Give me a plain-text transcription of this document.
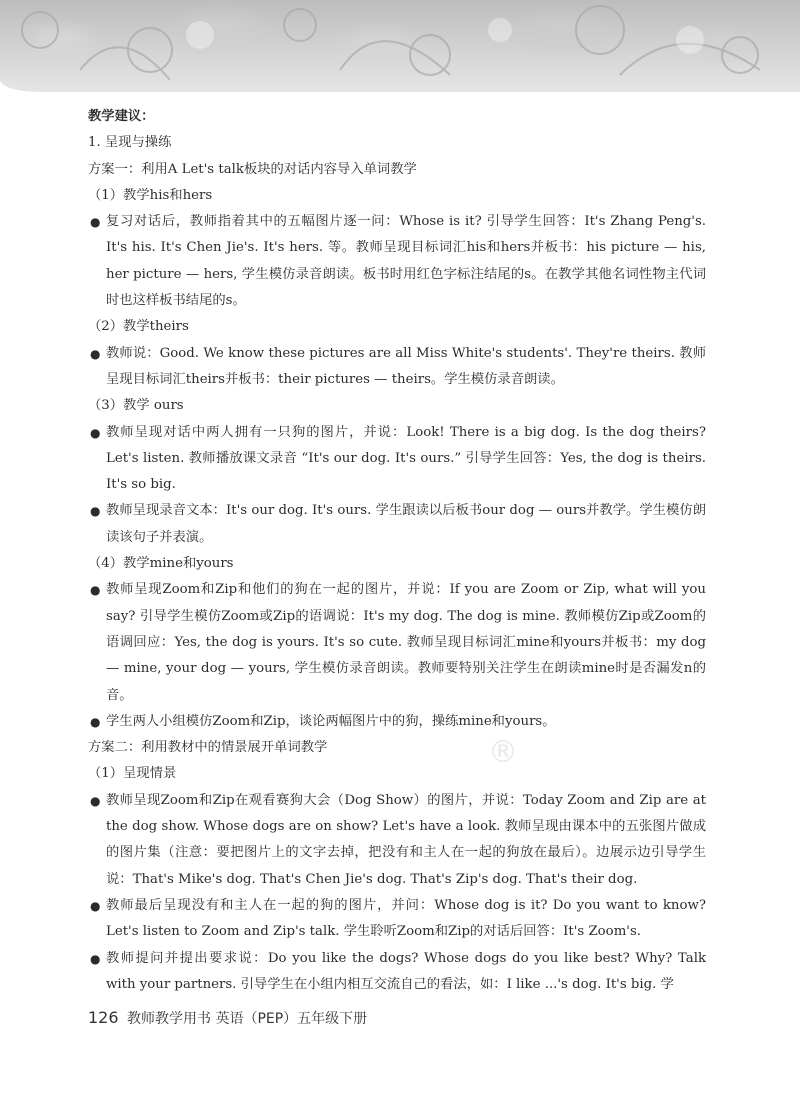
®
教学建议：
1. 呈现与操练
方案一：利用A Let's talk板块的对话内容导入单词教学
（1）教学his和hers
● 复习对话后，教师指着其中的五幅图片逐一问：Whose is it? 引导学生回答：It's Zhang Peng's. It's his. It's Chen Jie's. It's hers. 等。教师呈现目标词汇his和hers并板书：his picture — his, her picture — hers, 学生模仿录音朗读。板书时用红色字标注结尾的s。在教学其他名词性物主代词时也这样板书结尾的s。
（2）教学theirs
● 教师说：Good. We know these pictures are all Miss White's students'. They're theirs. 教师呈现目标词汇theirs并板书：their pictures — theirs。学生模仿录音朗读。
（3）教学 ours
● 教师呈现对话中两人拥有一只狗的图片，并说：Look! There is a big dog. Is the dog theirs? Let's listen. 教师播放课文录音 “It's our dog. It's ours.” 引导学生回答：Yes, the dog is theirs. It's so big.
● 教师呈现录音文本：It's our dog. It's ours. 学生跟读以后板书our dog — ours并教学。学生模仿朗读该句子并表演。
（4）教学mine和yours
● 教师呈现Zoom和Zip和他们的狗在一起的图片，并说：If you are Zoom or Zip, what will you say? 引导学生模仿Zoom或Zip的语调说：It's my dog. The dog is mine. 教师模仿Zip或Zoom的语调回应：Yes, the dog is yours. It's so cute. 教师呈现目标词汇mine和yours并板书：my dog — mine, your dog — yours, 学生模仿录音朗读。教师要特别关注学生在朗读mine时是否漏发n的音。
● 学生两人小组模仿Zoom和Zip，谈论两幅图片中的狗，操练mine和yours。
方案二：利用教材中的情景展开单词教学
（1）呈现情景
● 教师呈现Zoom和Zip在观看赛狗大会（Dog Show）的图片，并说：Today Zoom and Zip are at the dog show. Whose dogs are on show? Let's have a look. 教师呈现由课本中的五张图片做成的图片集（注意：要把图片上的文字去掉，把没有和主人在一起的狗放在最后）。边展示边引导学生说：That's Mike's dog. That's Chen Jie's dog. That's Zip's dog. That's their dog.
● 教师最后呈现没有和主人在一起的狗的图片，并问：Whose dog is it? Do you want to know? Let's listen to Zoom and Zip's talk. 学生聆听Zoom和Zip的对话后回答：It's Zoom's.
● 教师提问并提出要求说：Do you like the dogs? Whose dogs do you like best? Why? Talk with your partners. 引导学生在小组内相互交流自己的看法，如：I like ...'s dog. It's big. 学
126 教师教学用书 英语（PEP）五年级下册
